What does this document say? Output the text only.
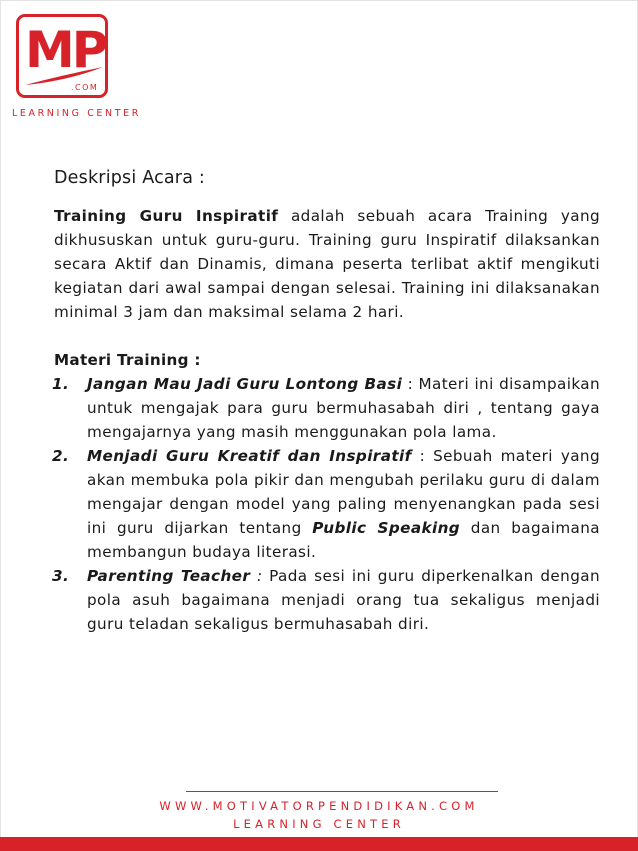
MP
.COM
LEARNING CENTER
Deskripsi Acara :

Training Guru Inspiratif adalah sebuah acara Training yang dikhususkan untuk guru-guru. Training guru Inspiratif dilaksankan secara Aktif dan Dinamis, dimana peserta terlibat aktif mengikuti kegiatan dari awal sampai dengan selesai. Training ini dilaksanakan minimal 3 jam dan maksimal selama 2 hari.

Materi Training :

1. Jangan Mau Jadi Guru Lontong Basi : Materi ini disampaikan untuk mengajak para guru bermuhasabah diri , tentang gaya mengajarnya yang masih menggunakan pola lama.
2. Menjadi Guru Kreatif dan Inspiratif : Sebuah materi yang akan membuka pola pikir dan mengubah perilaku guru di dalam mengajar dengan model yang paling menyenangkan pada sesi ini guru dijarkan tentang Public Speaking dan bagaimana membangun budaya literasi.
3. Parenting Teacher : Pada sesi ini guru diperkenalkan dengan pola asuh bagaimana menjadi orang tua sekaligus menjadi guru teladan sekaligus bermuhasabah diri.
WWW.MOTIVATORPENDIDIKAN.COM
LEARNING CENTER
